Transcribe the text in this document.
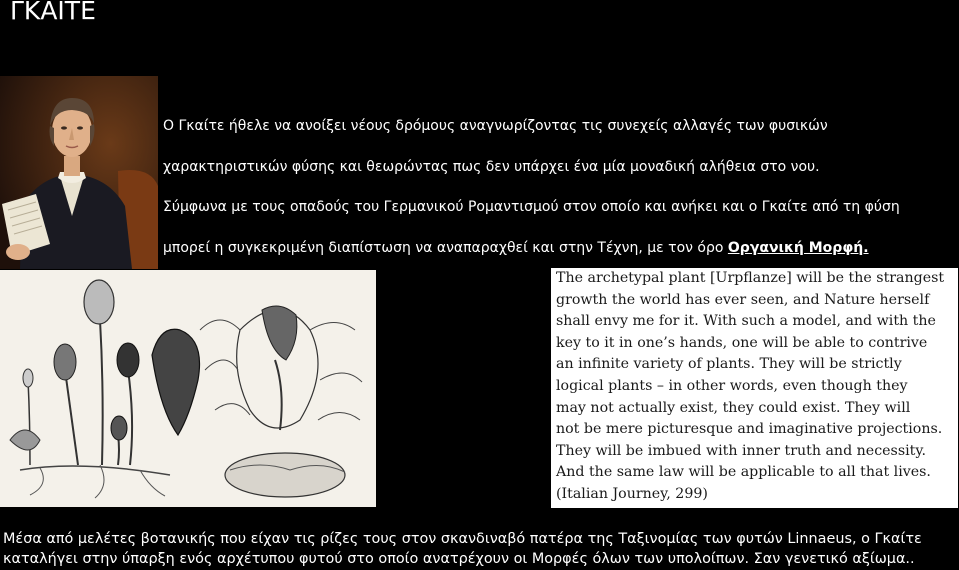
ΓΚΑΙΤΕ
Ο Γκαίτε ήθελε να ανοίξει νέους δρόμους αναγνωρίζοντας τις συνεχείς αλλαγές των φυσικών
χαρακτηριστικών φύσης και θεωρώντας πως δεν υπάρχει ένα μία μοναδική αλήθεια στο νου.
Σύμφωνα με τους οπαδούς του Γερμανικού Ρομαντισμού στον οποίο και ανήκει και ο Γκαίτε από τη φύση
μπορεί η συγκεκριμένη διαπίστωση να αναπαραχθεί και στην Τέχνη, με τον όρο Οργανική Μορφή.
The archetypal plant [Urpflanze] will be the strangest
growth the world has ever seen, and Nature herself
shall envy me for it. With such a model, and with the
key to it in one’s hands, one will be able to contrive
an infinite variety of plants. They will be strictly
logical plants – in other words, even though they
may not actually exist, they could exist. They will
not be mere picturesque and imaginative projections.
They will be imbued with inner truth and necessity.
And the same law will be applicable to all that lives.
(Italian Journey, 299)
Μέσα από μελέτες βοτανικής που είχαν τις ρίζες τους στον σκανδιναβό πατέρα της Ταξινομίας των φυτών Linnaeus, ο Γκαίτε
καταλήγει στην ύπαρξη ενός αρχέτυπου φυτού στο οποίο ανατρέχουν οι Μορφές όλων των υπολοίπων. Σαν γενετικό αξίωμα..
